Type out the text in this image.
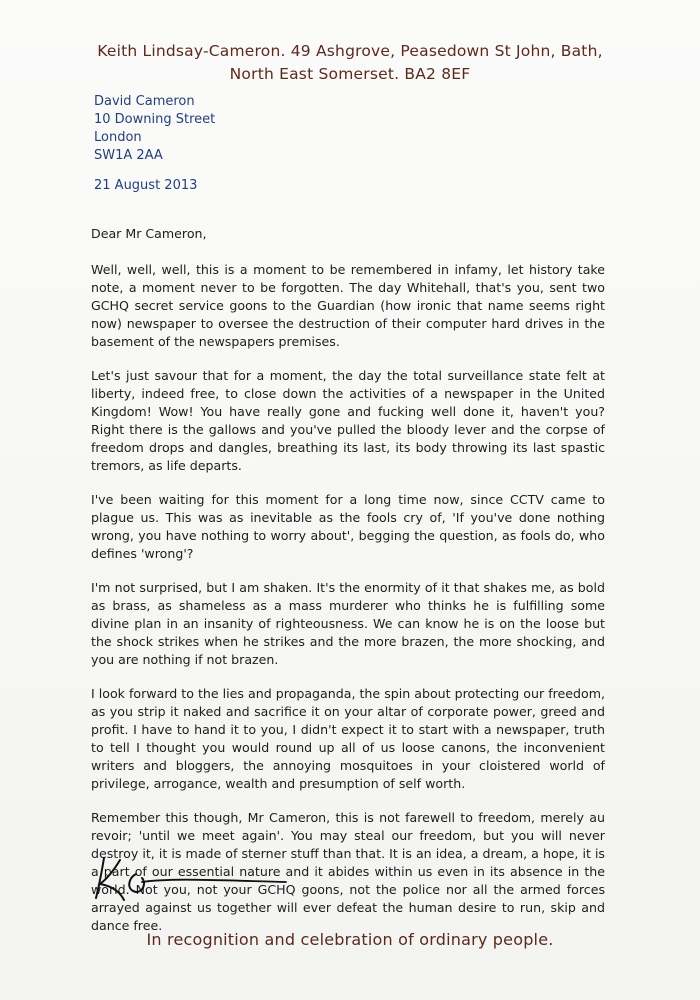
Keith Lindsay-Cameron. 49 Ashgrove, Peasedown St John, Bath,
North East Somerset. BA2 8EF
David Cameron
10 Downing Street
London
SW1A 2AA
21 August 2013

Dear Mr Cameron,

Well, well, well, this is a moment to be remembered in infamy, let history take note, a moment never to be forgotten. The day Whitehall, that's you, sent two GCHQ secret service goons to the Guardian (how ironic that name seems right now) newspaper to oversee the destruction of their computer hard drives in the basement of the newspapers premises.

Let's just savour that for a moment, the day the total surveillance state felt at liberty, indeed free, to close down the activities of a newspaper in the United Kingdom! Wow! You have really gone and fucking well done it, haven't you? Right there is the gallows and you've pulled the bloody lever and the corpse of freedom drops and dangles, breathing its last, its body throwing its last spastic tremors, as life departs.

I've been waiting for this moment for a long time now, since CCTV came to plague us. This was as inevitable as the fools cry of, 'If you've done nothing wrong, you have nothing to worry about', begging the question, as fools do, who defines 'wrong'?

I'm not surprised, but I am shaken. It's the enormity of it that shakes me, as bold as brass, as shameless as a mass murderer who thinks he is fulfilling some divine plan in an insanity of righteousness. We can know he is on the loose but the shock strikes when he strikes and the more brazen, the more shocking, and you are nothing if not brazen.

I look forward to the lies and propaganda, the spin about protecting our freedom, as you strip it naked and sacrifice it on your altar of corporate power, greed and profit. I have to hand it to you, I didn't expect it to start with a newspaper, truth to tell I thought you would round up all of us loose canons, the inconvenient writers and bloggers, the annoying mosquitoes in your cloistered world of privilege, arrogance, wealth and presumption of self worth.

Remember this though, Mr Cameron, this is not farewell to freedom, merely au revoir; 'until we meet again'. You may steal our freedom, but you will never destroy it, it is made of sterner stuff than that. It is an idea, a dream, a hope, it is a part of our essential nature and it abides within us even in its absence in the world. Not you, not your GCHQ goons, not the police nor all the armed forces arrayed against us together will ever defeat the human desire to run, skip and dance free.

In recognition and celebration of ordinary people.
